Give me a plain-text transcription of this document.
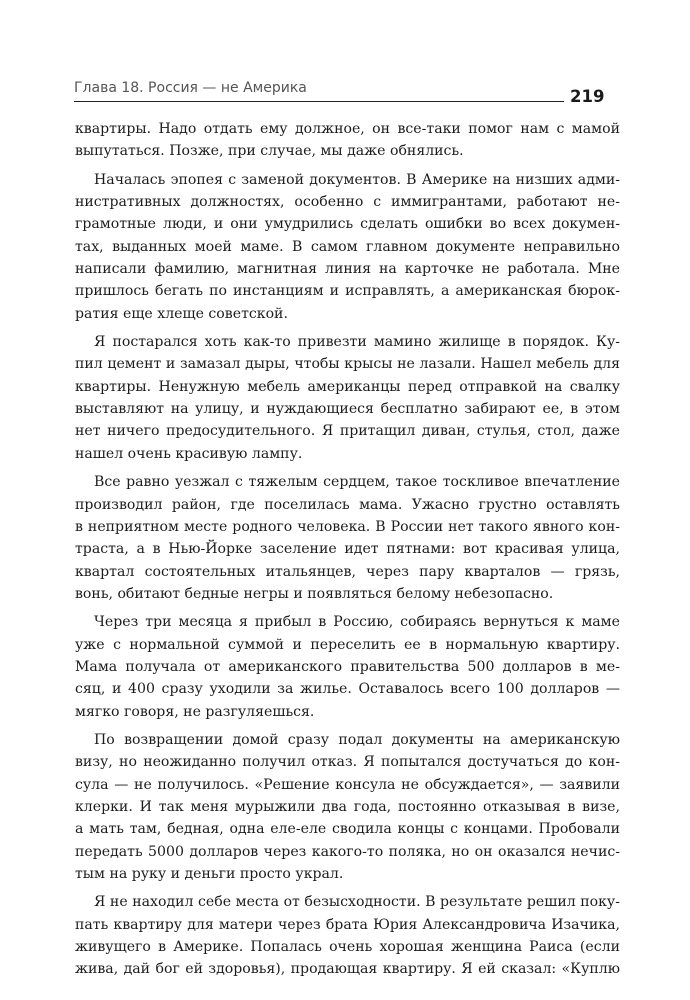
Глава 18. Россия — не Америка	219
квартиры. Надо отдать ему должное, он все-таки помог нам с мамой
выпутаться. Позже, при случае, мы даже обнялись.
Началась эпопея с заменой документов. В Америке на низших адми-
нистративных должностях, особенно с иммигрантами, работают не-
грамотные люди, и они умудрились сделать ошибки во всех докумен-
тах, выданных моей маме. В самом главном документе неправильно
написали фамилию, магнитная линия на карточке не работала. Мне
пришлось бегать по инстанциям и исправлять, а американская бюрок-
ратия еще хлеще советской.
Я постарался хоть как-то привезти мамино жилище в порядок. Ку-
пил цемент и замазал дыры, чтобы крысы не лазали. Нашел мебель для
квартиры. Ненужную мебель американцы перед отправкой на свалку
выставляют на улицу, и нуждающиеся бесплатно забирают ее, в этом
нет ничего предосудительного. Я притащил диван, стулья, стол, даже
нашел очень красивую лампу.
Все равно уезжал с тяжелым сердцем, такое тоскливое впечатление
производил район, где поселилась мама. Ужасно грустно оставлять
в неприятном месте родного человека. В России нет такого явного кон-
траста, а в Нью-Йорке заселение идет пятнами: вот красивая улица,
квартал состоятельных итальянцев, через пару кварталов — грязь,
вонь, обитают бедные негры и появляться белому небезопасно.
Через три месяца я прибыл в Россию, собираясь вернуться к маме
уже с нормальной суммой и переселить ее в нормальную квартиру.
Мама получала от американского правительства 500 долларов в ме-
сяц, и 400 сразу уходили за жилье. Оставалось всего 100 долларов —
мягко говоря, не разгуляешься.
По возвращении домой сразу подал документы на американскую
визу, но неожиданно получил отказ. Я попытался достучаться до кон-
сула — не получилось. «Решение консула не обсуждается», — заявили
клерки. И так меня мурыжили два года, постоянно отказывая в визе,
а мать там, бедная, одна еле-еле сводила концы с концами. Пробовали
передать 5000 долларов через какого-то поляка, но он оказался нечис-
тым на руку и деньги просто украл.
Я не находил себе места от безысходности. В результате решил поку-
пать квартиру для матери через брата Юрия Александровича Изачика,
живущего в Америке. Попалась очень хорошая женщина Раиса (если
жива, дай бог ей здоровья), продающая квартиру. Я ей сказал: «Куплю
